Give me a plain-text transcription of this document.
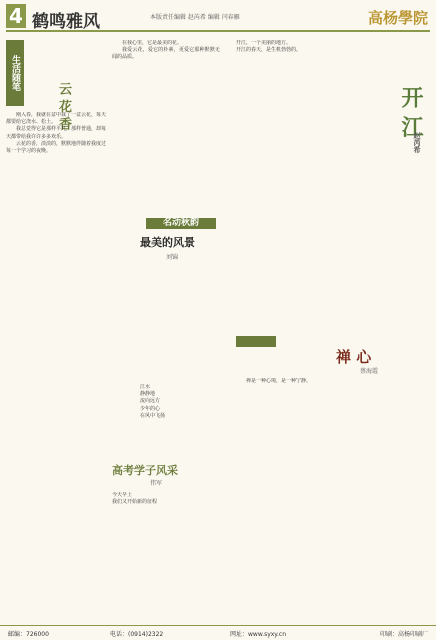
4 鹤鸣雅风	本版责任编辑 赵芮希 编辑 闫春雁	高杨學院
生活随笔
云 花 香

刚入春，我就在盆中栽了一盆云花，每天都要给它浇水、松土。

我总觉得它是那样平凡，那样普通，却每天都带给我许许多多欢乐。

云花的香，淡淡的，默默地伴随着我度过每一个学习的夜晚。

在我心里，它是最美的花。

我爱云花，爱它的朴素，更爱它那种默默无闻的品质。

开江，一个美丽的地方。

开江的春天，是生机勃勃的。

开 江
赵芮希
名动秋韵
最美的风景
刘锦
江水
静静地
流向远方
少年的心
在风中飞扬
禅 心
蔡海霞

禅是一种心境，是一种宁静。

高考学子风采
伟军
今天早上
我们又开始新的征程
邮编：726000	电话：(0914)2322	网址：www.syxy.cn	印刷：高杨印刷厂
